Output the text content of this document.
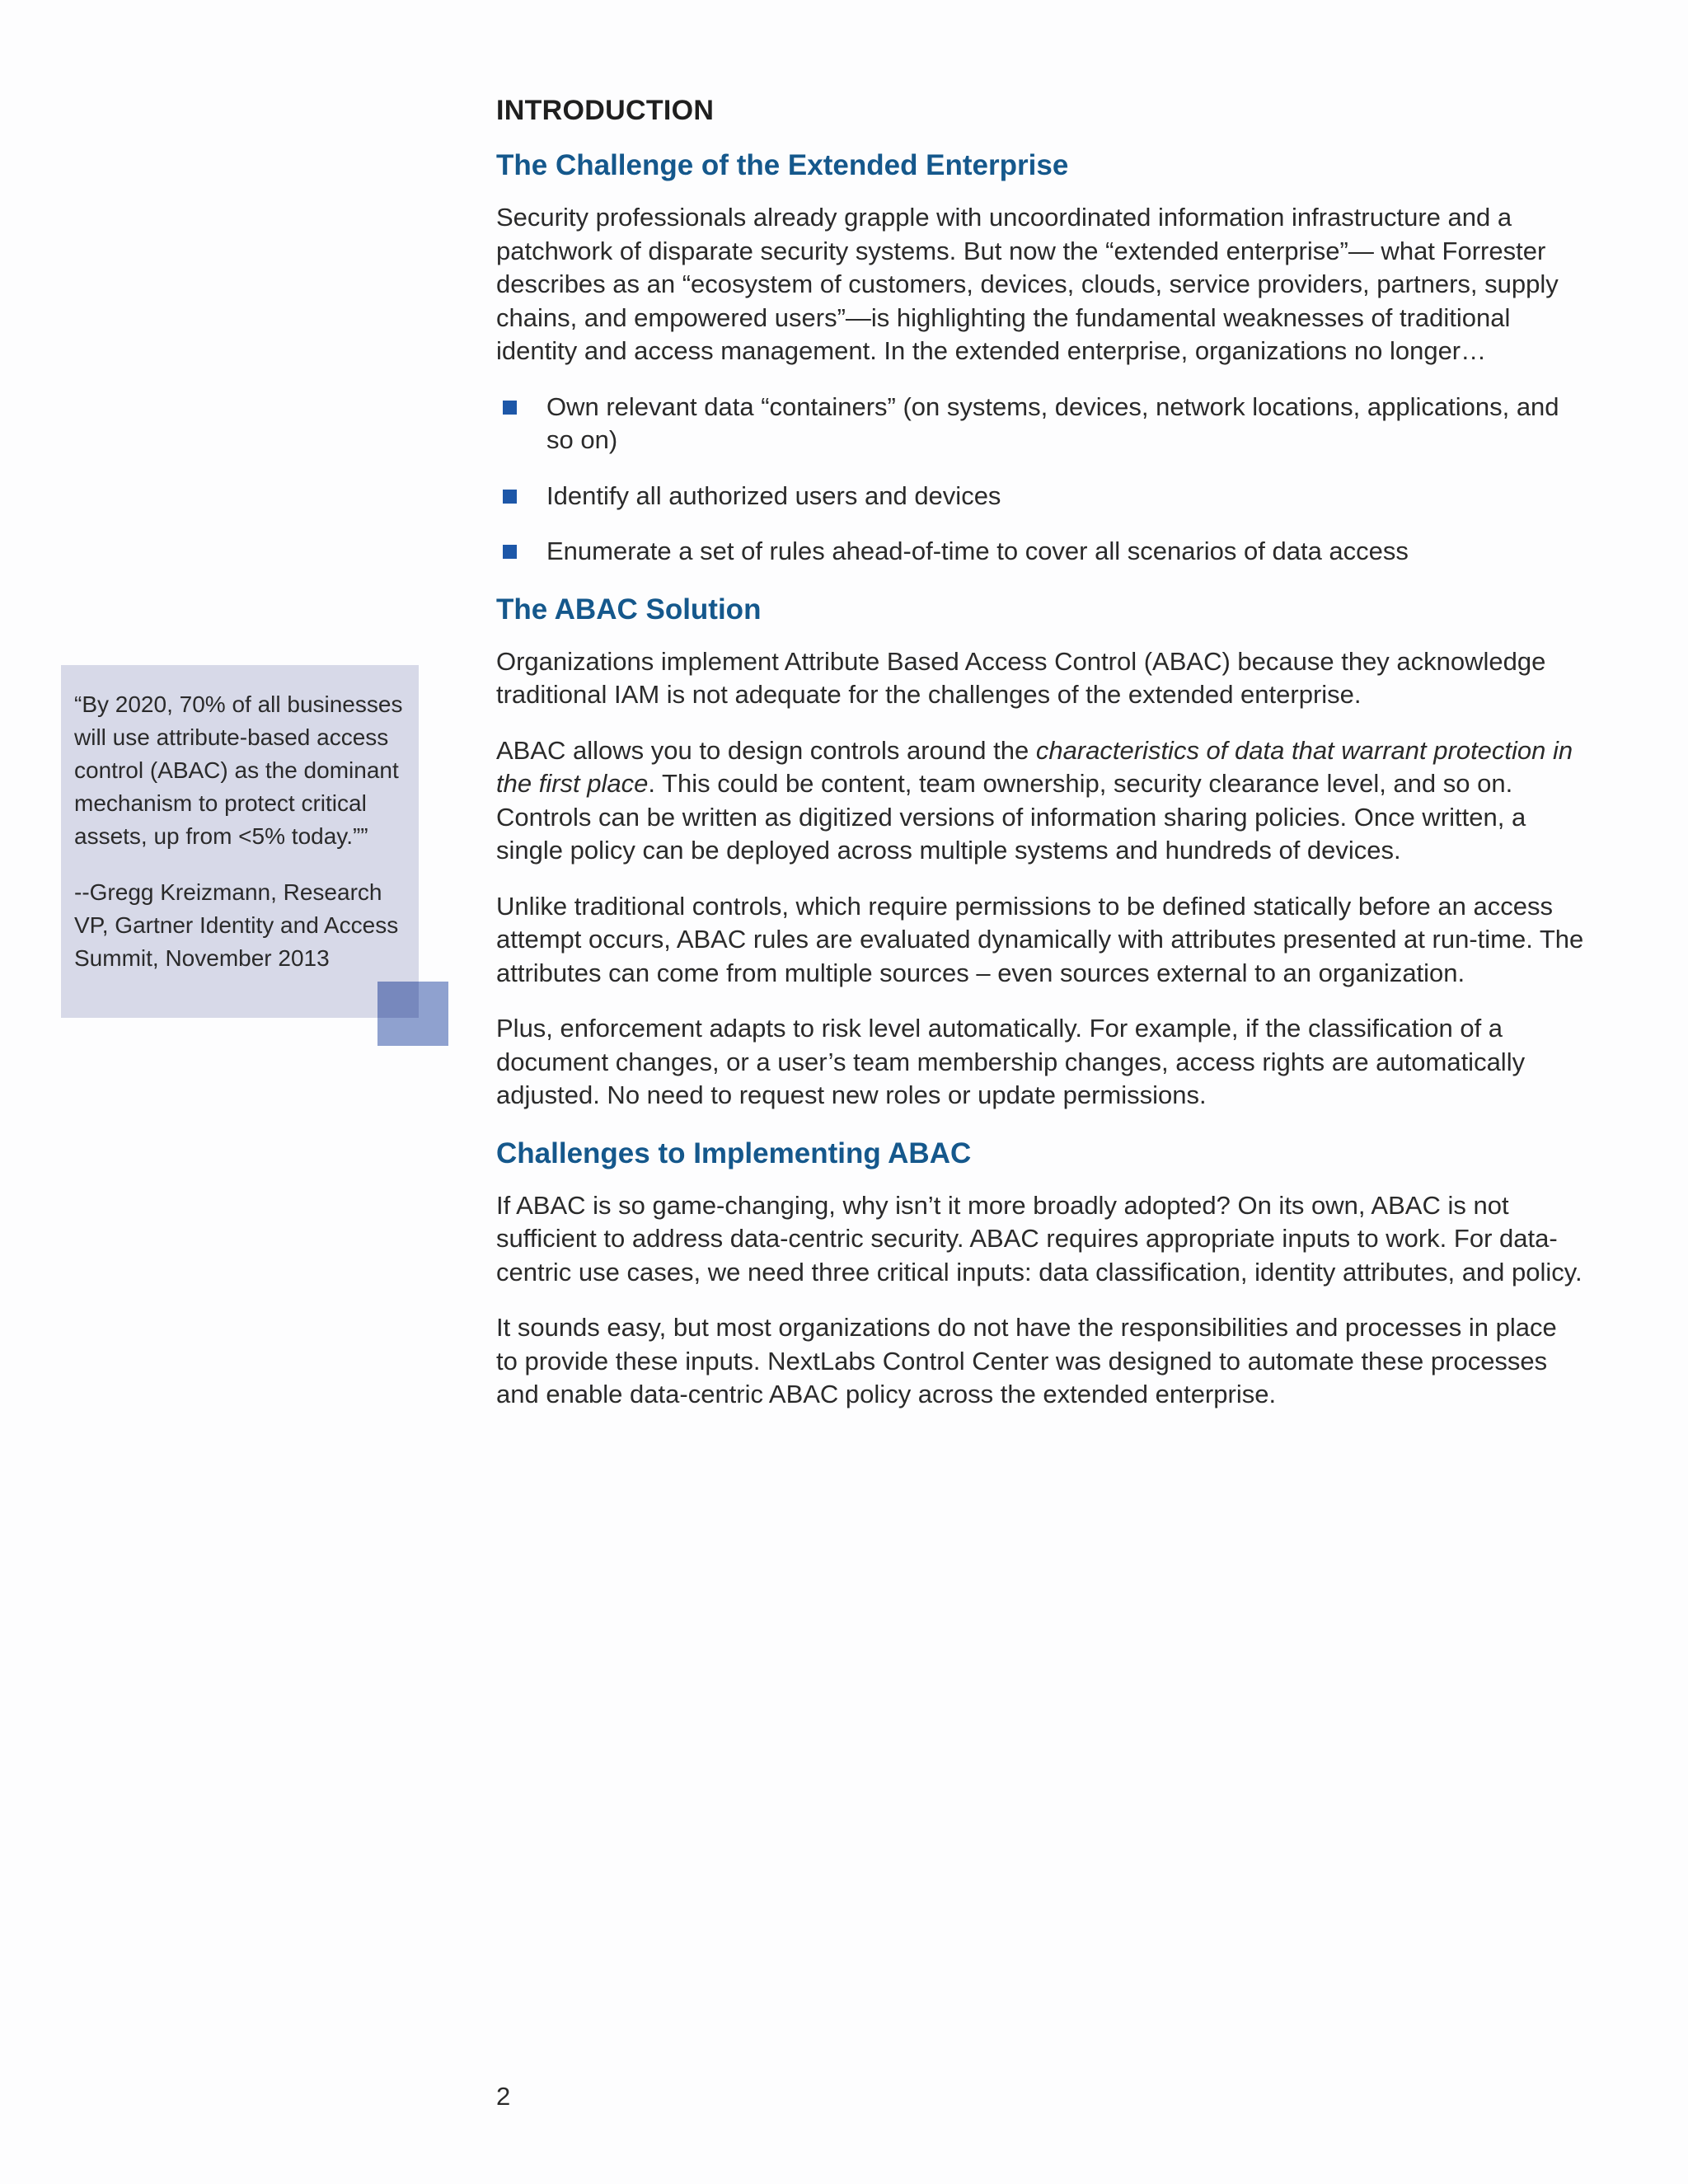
INTRODUCTION
The Challenge of the Extended Enterprise

Security professionals already grapple with uncoordinated information infrastructure and a patchwork of disparate security systems. But now the “extended enterprise”— what Forrester describes as an “ecosystem of customers, devices, clouds, service providers, partners, supply chains, and empowered users”—is highlighting the fundamental weaknesses of traditional identity and access management. In the extended enterprise, organizations no longer…

Own relevant data “containers” (on systems, devices, network locations, applications, and so on)
Identify all authorized users and devices
Enumerate a set of rules ahead-of-time to cover all scenarios of data access
The ABAC Solution

Organizations implement Attribute Based Access Control (ABAC) because they acknowledge traditional IAM is not adequate for the challenges of the extended enterprise.

ABAC allows you to design controls around the characteristics of data that warrant protection in the first place. This could be content, team ownership, security clearance level, and so on. Controls can be written as digitized versions of information sharing policies. Once written, a single policy can be deployed across multiple systems and hundreds of devices.

Unlike traditional controls, which require permissions to be defined statically before an access attempt occurs, ABAC rules are evaluated dynamically with attributes presented at run-time. The attributes can come from multiple sources – even sources external to an organization.

Plus, enforcement adapts to risk level automatically. For example, if the classification of a document changes, or a user’s team membership changes, access rights are automatically adjusted. No need to request new roles or update permissions.

Challenges to Implementing ABAC

If ABAC is so game-changing, why isn’t it more broadly adopted? On its own, ABAC is not sufficient to address data-centric security. ABAC requires appropriate inputs to work. For data-centric use cases, we need three critical inputs: data classification, identity attributes, and policy.

It sounds easy, but most organizations do not have the responsibilities and processes in place to provide these inputs. NextLabs Control Center was designed to automate these processes and enable data-centric ABAC policy across the extended enterprise.

“By 2020, 70% of all businesses will use attribute-based access control (ABAC) as the dominant mechanism to protect critical assets, up from <5% today.””

--Gregg Kreizmann, Research VP, Gartner Identity and Access Summit, November 2013

2
